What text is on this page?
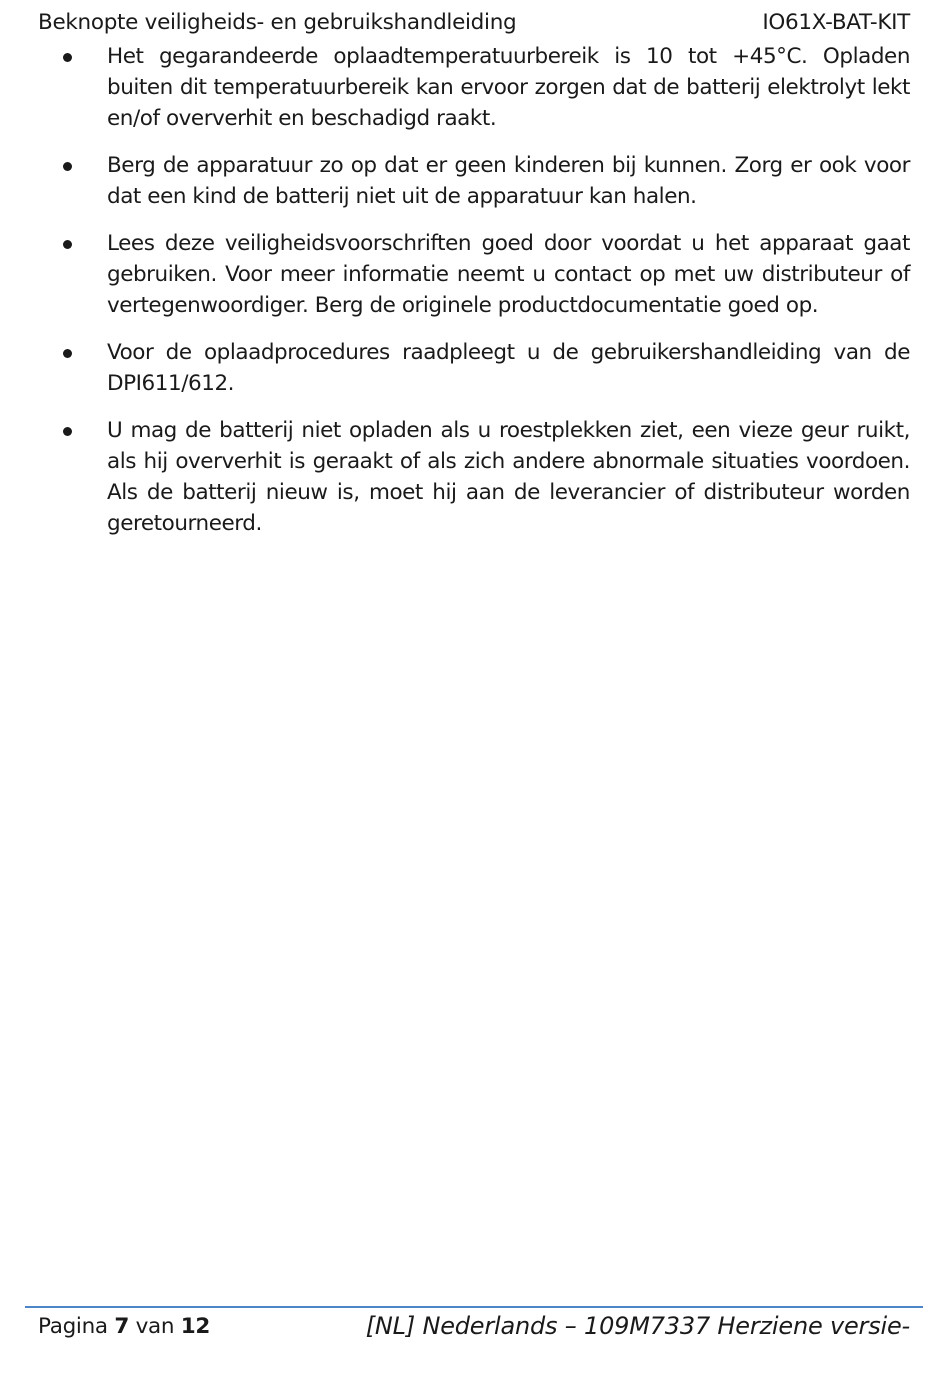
Beknopte veiligheids- en gebruikshandleiding	IO61X-BAT-KIT
Het gegarandeerde oplaadtemperatuurbereik is 10 tot +45°C. Opladen buiten dit temperatuurbereik kan ervoor zorgen dat de batterij elektrolyt lekt en/of oververhit en beschadigd raakt.
Berg de apparatuur zo op dat er geen kinderen bij kunnen. Zorg er ook voor dat een kind de batterij niet uit de apparatuur kan halen.
Lees deze veiligheidsvoorschriften goed door voordat u het apparaat gaat gebruiken. Voor meer informatie neemt u contact op met uw distributeur of vertegenwoordiger. Berg de originele productdocumentatie goed op.
Voor de oplaadprocedures raadpleegt u de gebruikershandleiding van de DPI611/612.
U mag de batterij niet opladen als u roestplekken ziet, een vieze geur ruikt, als hij oververhit is geraakt of als zich andere abnormale situaties voordoen. Als de batterij nieuw is, moet hij aan de leverancier of distributeur worden geretourneerd.
Pagina 7 van 12	[NL] Nederlands – 109M7337 Herziene versie-
